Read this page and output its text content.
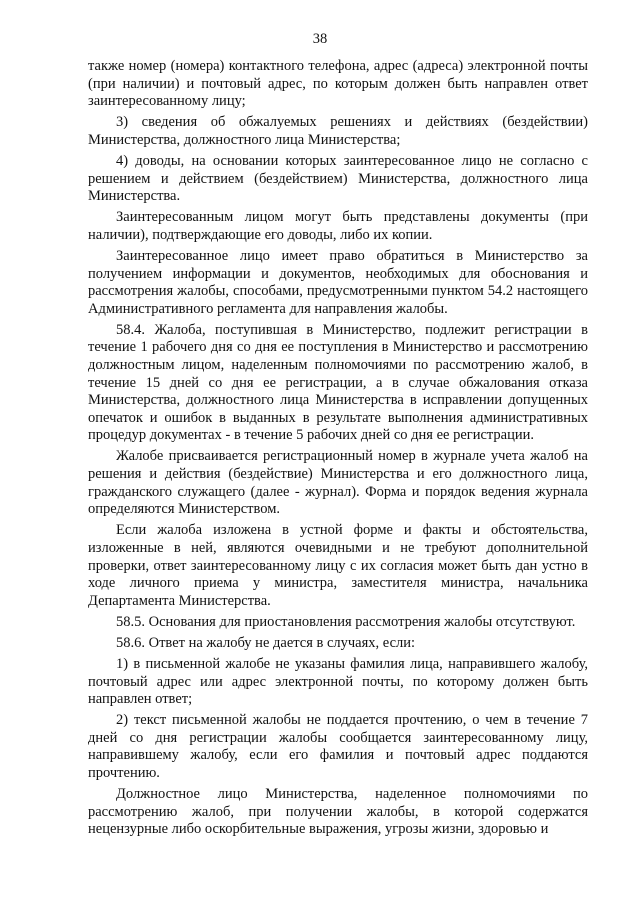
38

также номер (номера) контактного телефона, адрес (адреса) электронной почты (при наличии) и почтовый адрес, по которым должен быть направлен ответ заинтересованному лицу;

3) сведения об обжалуемых решениях и действиях (бездействии) Министерства, должностного лица Министерства;

4) доводы, на основании которых заинтересованное лицо не согласно с решением и действием (бездействием) Министерства, должностного лица Министерства.

Заинтересованным лицом могут быть представлены документы (при наличии), подтверждающие его доводы, либо их копии.

Заинтересованное лицо имеет право обратиться в Министерство за получением информации и документов, необходимых для обоснования и рассмотрения жалобы, способами, предусмотренными пунктом 54.2 настоящего Административного регламента для направления жалобы.

58.4. Жалоба, поступившая в Министерство, подлежит регистрации в течение 1 рабочего дня со дня ее поступления в Министерство и рассмотрению должностным лицом, наделенным полномочиями по рассмотрению жалоб, в течение 15 дней со дня ее регистрации, а в случае обжалования отказа Министерства, должностного лица Министерства в исправлении допущенных опечаток и ошибок в выданных в результате выполнения административных процедур документах - в течение 5 рабочих дней со дня ее регистрации.

Жалобе присваивается регистрационный номер в журнале учета жалоб на решения и действия (бездействие) Министерства и его должностного лица, гражданского служащего (далее - журнал). Форма и порядок ведения журнала определяются Министерством.

Если жалоба изложена в устной форме и факты и обстоятельства, изложенные в ней, являются очевидными и не требуют дополнительной проверки, ответ заинтересованному лицу с их согласия может быть дан устно в ходе личного приема у министра, заместителя министра, начальника Департамента Министерства.

58.5. Основания для приостановления рассмотрения жалобы отсутствуют.

58.6. Ответ на жалобу не дается в случаях, если:

1) в письменной жалобе не указаны фамилия лица, направившего жалобу, почтовый адрес или адрес электронной почты, по которому должен быть направлен ответ;

2) текст письменной жалобы не поддается прочтению, о чем в течение 7 дней со дня регистрации жалобы сообщается заинтересованному лицу, направившему жалобу, если его фамилия и почтовый адрес поддаются прочтению.

Должностное лицо Министерства, наделенное полномочиями по рассмотрению жалоб, при получении жалобы, в которой содержатся нецензурные либо оскорбительные выражения, угрозы жизни, здоровью и
